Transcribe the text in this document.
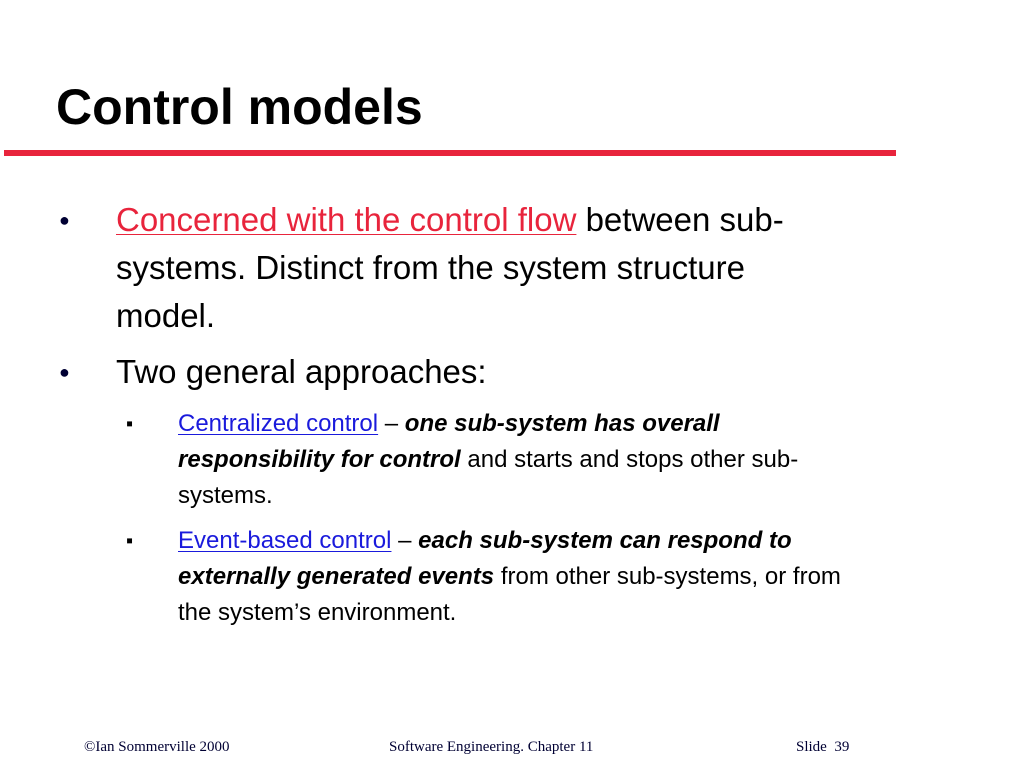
Control models
● Concerned with the control flow between sub-systems. Distinct from the system structure model.
● Two general approaches:
▪ Centralized control – one sub-system has overall responsibility for control and starts and stops other sub-systems.
▪ Event-based control – each sub-system can respond to externally generated events from other sub-systems, or from the system’s environment.
©Ian Sommerville 2000	Software Engineering. Chapter 11	Slide  39
